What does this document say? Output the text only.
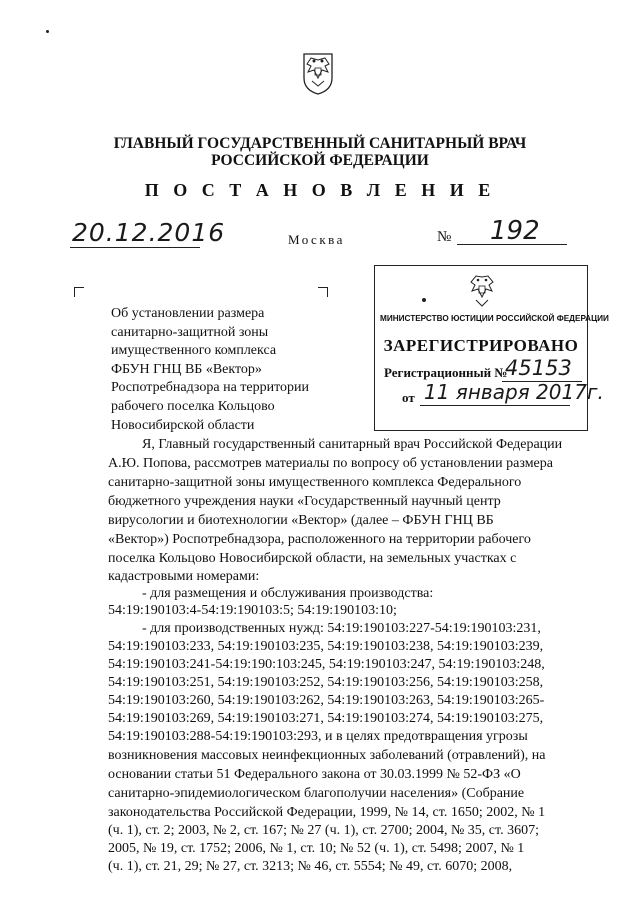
ГЛАВНЫЙ ГОСУДАРСТВЕННЫЙ САНИТАРНЫЙ ВРАЧ
РОССИЙСКОЙ ФЕДЕРАЦИИ
П О С Т А Н О В Л Е Н И Е
20.12.2016	Москва	№ 192
Об установлении размера
санитарно-защитной зоны
имущественного комплекса
ФБУН ГНЦ ВБ «Вектор»
Роспотребнадзора на территории
рабочего поселка Кольцово
Новосибирской области
МИНИСТЕРСТВО ЮСТИЦИИ РОССИЙСКОЙ ФЕДЕРАЦИИ
ЗАРЕГИСТРИРОВАНО
Регистрационный №
45153
от 11 января 2017г.
Я, Главный государственный санитарный врач Российской Федерации
А.Ю. Попова, рассмотрев материалы по вопросу об установлении размера
санитарно-защитной зоны имущественного комплекса Федерального
бюджетного учреждения науки «Государственный научный центр
вирусологии и биотехнологии «Вектор» (далее – ФБУН ГНЦ ВБ
«Вектор») Роспотребнадзора, расположенного на территории рабочего
поселка Кольцово Новосибирской области, на земельных участках с
кадастровыми номерами:
- для размещения и обслуживания производства:
54:19:190103:4-54:19:190103:5; 54:19:190103:10;
- для производственных нужд: 54:19:190103:227-54:19:190103:231,
54:19:190103:233, 54:19:190103:235, 54:19:190103:238, 54:19:190103:239,
54:19:190103:241-54:19:190:103:245, 54:19:190103:247, 54:19:190103:248,
54:19:190103:251, 54:19:190103:252, 54:19:190103:256, 54:19:190103:258,
54:19:190103:260, 54:19:190103:262, 54:19:190103:263, 54:19:190103:265-
54:19:190103:269, 54:19:190103:271, 54:19:190103:274, 54:19:190103:275,
54:19:190103:288-54:19:190103:293, и в целях предотвращения угрозы
возникновения массовых неинфекционных заболеваний (отравлений), на
основании статьи 51 Федерального закона от 30.03.1999 № 52-ФЗ «О
санитарно-эпидемиологическом благополучии населения» (Собрание
законодательства Российской Федерации, 1999, № 14, ст. 1650; 2002, № 1
(ч. 1), ст. 2; 2003, № 2, ст. 167; № 27 (ч. 1), ст. 2700; 2004, № 35, ст. 3607;
2005, № 19, ст. 1752; 2006, № 1, ст. 10; № 52 (ч. 1), ст. 5498; 2007, № 1
(ч. 1), ст. 21, 29; № 27, ст. 3213; № 46, ст. 5554; № 49, ст. 6070; 2008,
